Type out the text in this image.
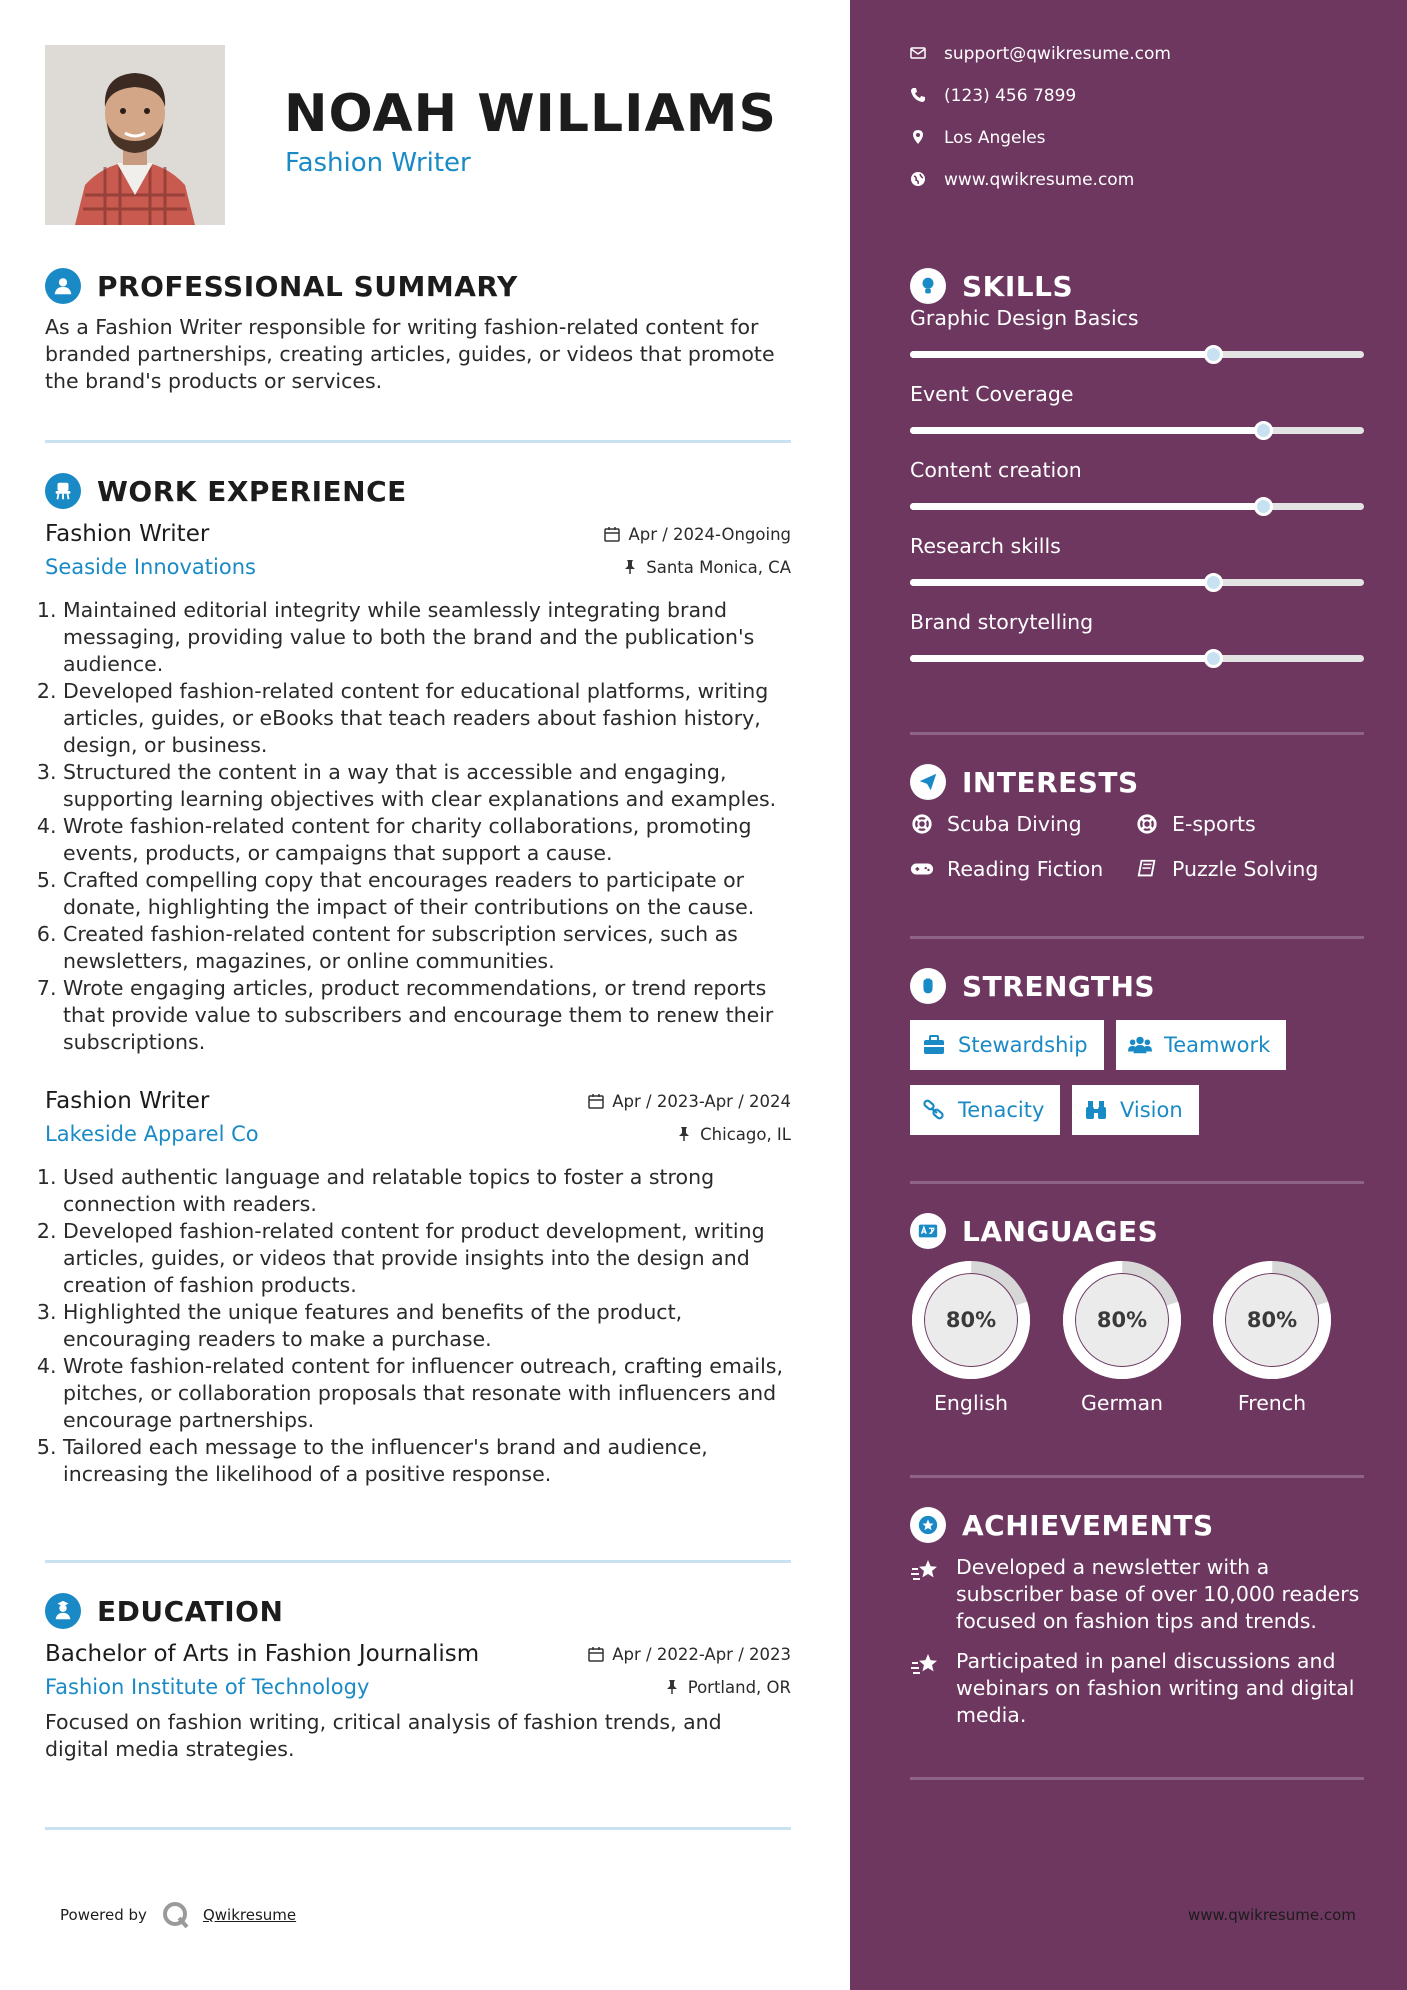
NOAH WILLIAMS
Fashion Writer
PROFESSIONAL SUMMARY
As a Fashion Writer responsible for writing fashion-related content for branded partnerships, creating articles, guides, or videos that promote the brand's products or services.
WORK EXPERIENCE
Fashion Writer	Apr / 2024-Ongoing
Seaside Innovations	Santa Monica, CA
1. Maintained editorial integrity while seamlessly integrating brand messaging, providing value to both the brand and the publication's audience.
2. Developed fashion-related content for educational platforms, writing articles, guides, or eBooks that teach readers about fashion history, design, or business.
3. Structured the content in a way that is accessible and engaging, supporting learning objectives with clear explanations and examples.
4. Wrote fashion-related content for charity collaborations, promoting events, products, or campaigns that support a cause.
5. Crafted compelling copy that encourages readers to participate or donate, highlighting the impact of their contributions on the cause.
6. Created fashion-related content for subscription services, such as newsletters, magazines, or online communities.
7. Wrote engaging articles, product recommendations, or trend reports that provide value to subscribers and encourage them to renew their subscriptions.
Fashion Writer	Apr / 2023-Apr / 2024
Lakeside Apparel Co	Chicago, IL
1. Used authentic language and relatable topics to foster a strong connection with readers.
2. Developed fashion-related content for product development, writing articles, guides, or videos that provide insights into the design and creation of fashion products.
3. Highlighted the unique features and benefits of the product, encouraging readers to make a purchase.
4. Wrote fashion-related content for influencer outreach, crafting emails, pitches, or collaboration proposals that resonate with influencers and encourage partnerships.
5. Tailored each message to the influencer's brand and audience, increasing the likelihood of a positive response.
EDUCATION
Bachelor of Arts in Fashion Journalism	Apr / 2022-Apr / 2023
Fashion Institute of Technology	Portland, OR
Focused on fashion writing, critical analysis of fashion trends, and digital media strategies.
Powered by	Qwikresume
support@qwikresume.com
(123) 456 7899
Los Angeles
www.qwikresume.com
SKILLS
Graphic Design Basics
Event Coverage
Content creation
Research skills
Brand storytelling
INTERESTS
Scuba Diving	E-sports
Reading Fiction	Puzzle Solving
STRENGTHS
Stewardship	Teamwork
Tenacity	Vision
LANGUAGES
80%
English
80%
German
80%
French
ACHIEVEMENTS
Developed a newsletter with a subscriber base of over 10,000 readers focused on fashion tips and trends.
Participated in panel discussions and webinars on fashion writing and digital media.
www.qwikresume.com
